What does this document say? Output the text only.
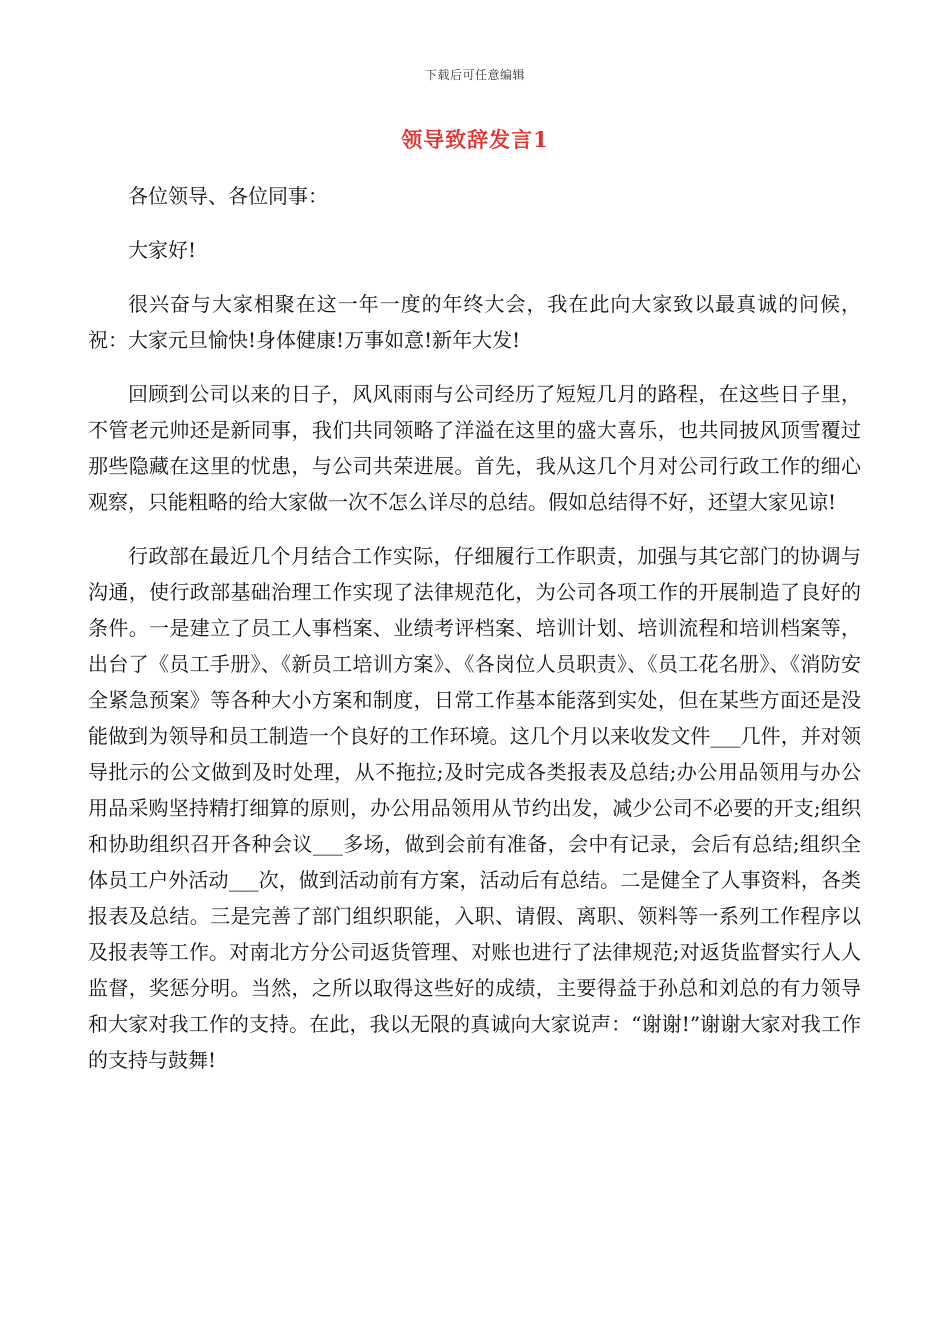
下载后可任意编辑
领导致辞发言1

各位领导、各位同事：

大家好!

很兴奋与大家相聚在这一年一度的年终大会，我在此向大家致以最真诚的问候，祝：大家元旦愉快!身体健康!万事如意!新年大发!

回顾到公司以来的日子，风风雨雨与公司经历了短短几月的路程，在这些日子里，不管老元帅还是新同事，我们共同领略了洋溢在这里的盛大喜乐，也共同披风顶雪覆过那些隐藏在这里的忧患，与公司共荣进展。首先，我从这几个月对公司行政工作的细心观察，只能粗略的给大家做一次不怎么详尽的总结。假如总结得不好，还望大家见谅!

行政部在最近几个月结合工作实际，仔细履行工作职责，加强与其它部门的协调与沟通，使行政部基础治理工作实现了法律规范化，为公司各项工作的开展制造了良好的条件。一是建立了员工人事档案、业绩考评档案、培训计划、培训流程和培训档案等，出台了《员工手册》、《新员工培训方案》、《各岗位人员职责》、《员工花名册》、《消防安全紧急预案》等各种大小方案和制度，日常工作基本能落到实处，但在某些方面还是没能做到为领导和员工制造一个良好的工作环境。这几个月以来收发文件___几件，并对领导批示的公文做到及时处理，从不拖拉;及时完成各类报表及总结;办公用品领用与办公用品采购坚持精打细算的原则，办公用品领用从节约出发，减少公司不必要的开支;组织和协助组织召开各种会议___多场，做到会前有准备，会中有记录，会后有总结;组织全体员工户外活动___次，做到活动前有方案，活动后有总结。二是健全了人事资料，各类报表及总结。三是完善了部门组织职能，入职、请假、离职、领料等一系列工作程序以及报表等工作。对南北方分公司返货管理、对账也进行了法律规范;对返货监督实行人人监督，奖惩分明。当然，之所以取得这些好的成绩，主要得益于孙总和刘总的有力领导和大家对我工作的支持。在此，我以无限的真诚向大家说声：“谢谢!”谢谢大家对我工作的支持与鼓舞!
